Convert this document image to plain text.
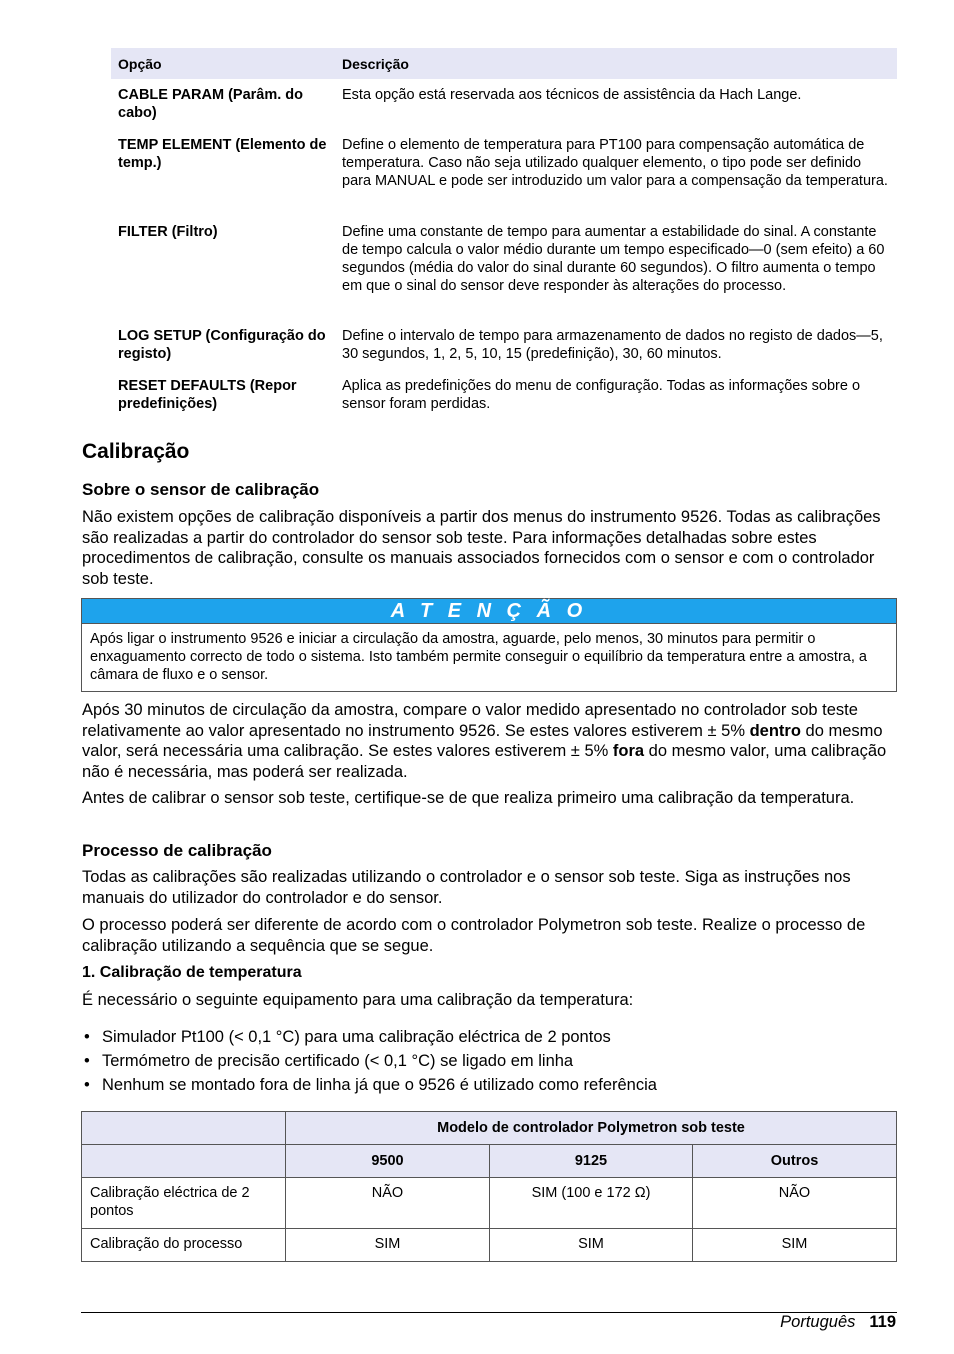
Opção	Descrição
CABLE PARAM (Parâm. do cabo)	Esta opção está reservada aos técnicos de assistência da Hach Lange.
TEMP ELEMENT (Elemento de temp.)	Define o elemento de temperatura para PT100 para compensação automática de temperatura. Caso não seja utilizado qualquer elemento, o tipo pode ser definido para MANUAL e pode ser introduzido um valor para a compensação da temperatura.
FILTER (Filtro)	Define uma constante de tempo para aumentar a estabilidade do sinal. A constante de tempo calcula o valor médio durante um tempo especificado—0 (sem efeito) a 60 segundos (média do valor do sinal durante 60 segundos). O filtro aumenta o tempo em que o sinal do sensor deve responder às alterações do processo.
LOG SETUP (Configuração do registo)	Define o intervalo de tempo para armazenamento de dados no registo de dados—5, 30 segundos, 1, 2, 5, 10, 15 (predefinição), 30, 60 minutos.
RESET DEFAULTS (Repor predefinições)	Aplica as predefinições do menu de configuração. Todas as informações sobre o sensor foram perdidas.
Calibração
Sobre o sensor de calibração

Não existem opções de calibração disponíveis a partir dos menus do instrumento 9526. Todas as calibrações são realizadas a partir do controlador do sensor sob teste. Para informações detalhadas sobre estes procedimentos de calibração, consulte os manuais associados fornecidos com o sensor e com o controlador sob teste.

A T E N Ç Ã O
Após ligar o instrumento 9526 e iniciar a circulação da amostra, aguarde, pelo menos, 30 minutos para permitir o enxaguamento correcto de todo o sistema. Isto também permite conseguir o equilíbrio da temperatura entre a amostra, a câmara de fluxo e o sensor.

Após 30 minutos de circulação da amostra, compare o valor medido apresentado no controlador sob teste relativamente ao valor apresentado no instrumento 9526. Se estes valores estiverem ± 5% dentro do mesmo valor, será necessária uma calibração. Se estes valores estiverem ± 5% fora do mesmo valor, uma calibração não é necessária, mas poderá ser realizada.

Antes de calibrar o sensor sob teste, certifique-se de que realiza primeiro uma calibração da temperatura.

Processo de calibração

Todas as calibrações são realizadas utilizando o controlador e o sensor sob teste. Siga as instruções nos manuais do utilizador do controlador e do sensor.

O processo poderá ser diferente de acordo com o controlador Polymetron sob teste. Realize o processo de calibração utilizando a sequência que se segue.

1. Calibração de temperatura

É necessário o seguinte equipamento para uma calibração da temperatura:

• Simulador Pt100 (< 0,1 °C) para uma calibração eléctrica de 2 pontos
• Termómetro de precisão certificado (< 0,1 °C) se ligado em linha
• Nenhum se montado fora de linha já que o 9526 é utilizado como referência
	Modelo de controlador Polymetron sob teste		
	9500	9125	Outros
Calibração eléctrica de 2 pontos	NÃO	SIM (100 e 172 Ω)	NÃO
Calibração do processo	SIM	SIM	SIM
Português 119
